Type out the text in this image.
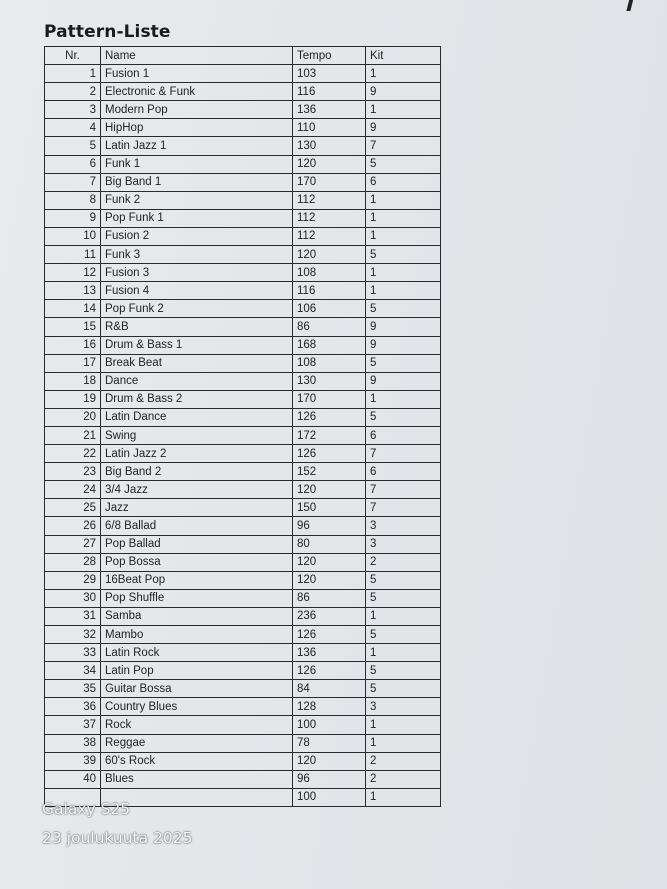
Pattern-Liste
Nr.	Name	Tempo	Kit
1	Fusion 1	103	1
2	Electronic & Funk	116	9
3	Modern Pop	136	1
4	HipHop	110	9
5	Latin Jazz 1	130	7
6	Funk 1	120	5
7	Big Band 1	170	6
8	Funk 2	112	1
9	Pop Funk 1	112	1
10	Fusion 2	112	1
11	Funk 3	120	5
12	Fusion 3	108	1
13	Fusion 4	116	1
14	Pop Funk 2	106	5
15	R&B	86	9
16	Drum & Bass 1	168	9
17	Break Beat	108	5
18	Dance	130	9
19	Drum & Bass 2	170	1
20	Latin Dance	126	5
21	Swing	172	6
22	Latin Jazz 2	126	7
23	Big Band 2	152	6
24	3/4 Jazz	120	7
25	Jazz	150	7
26	6/8 Ballad	96	3
27	Pop Ballad	80	3
28	Pop Bossa	120	2
29	16Beat Pop	120	5
30	Pop Shuffle	86	5
31	Samba	236	1
32	Mambo	126	5
33	Latin Rock	136	1
34	Latin Pop	126	5
35	Guitar Bossa	84	5
36	Country Blues	128	3
37	Rock	100	1
38	Reggae	78	1
39	60's Rock	120	2
40	Blues	96	2
		100	1
Galaxy S25
23 joulukuuta 2025
